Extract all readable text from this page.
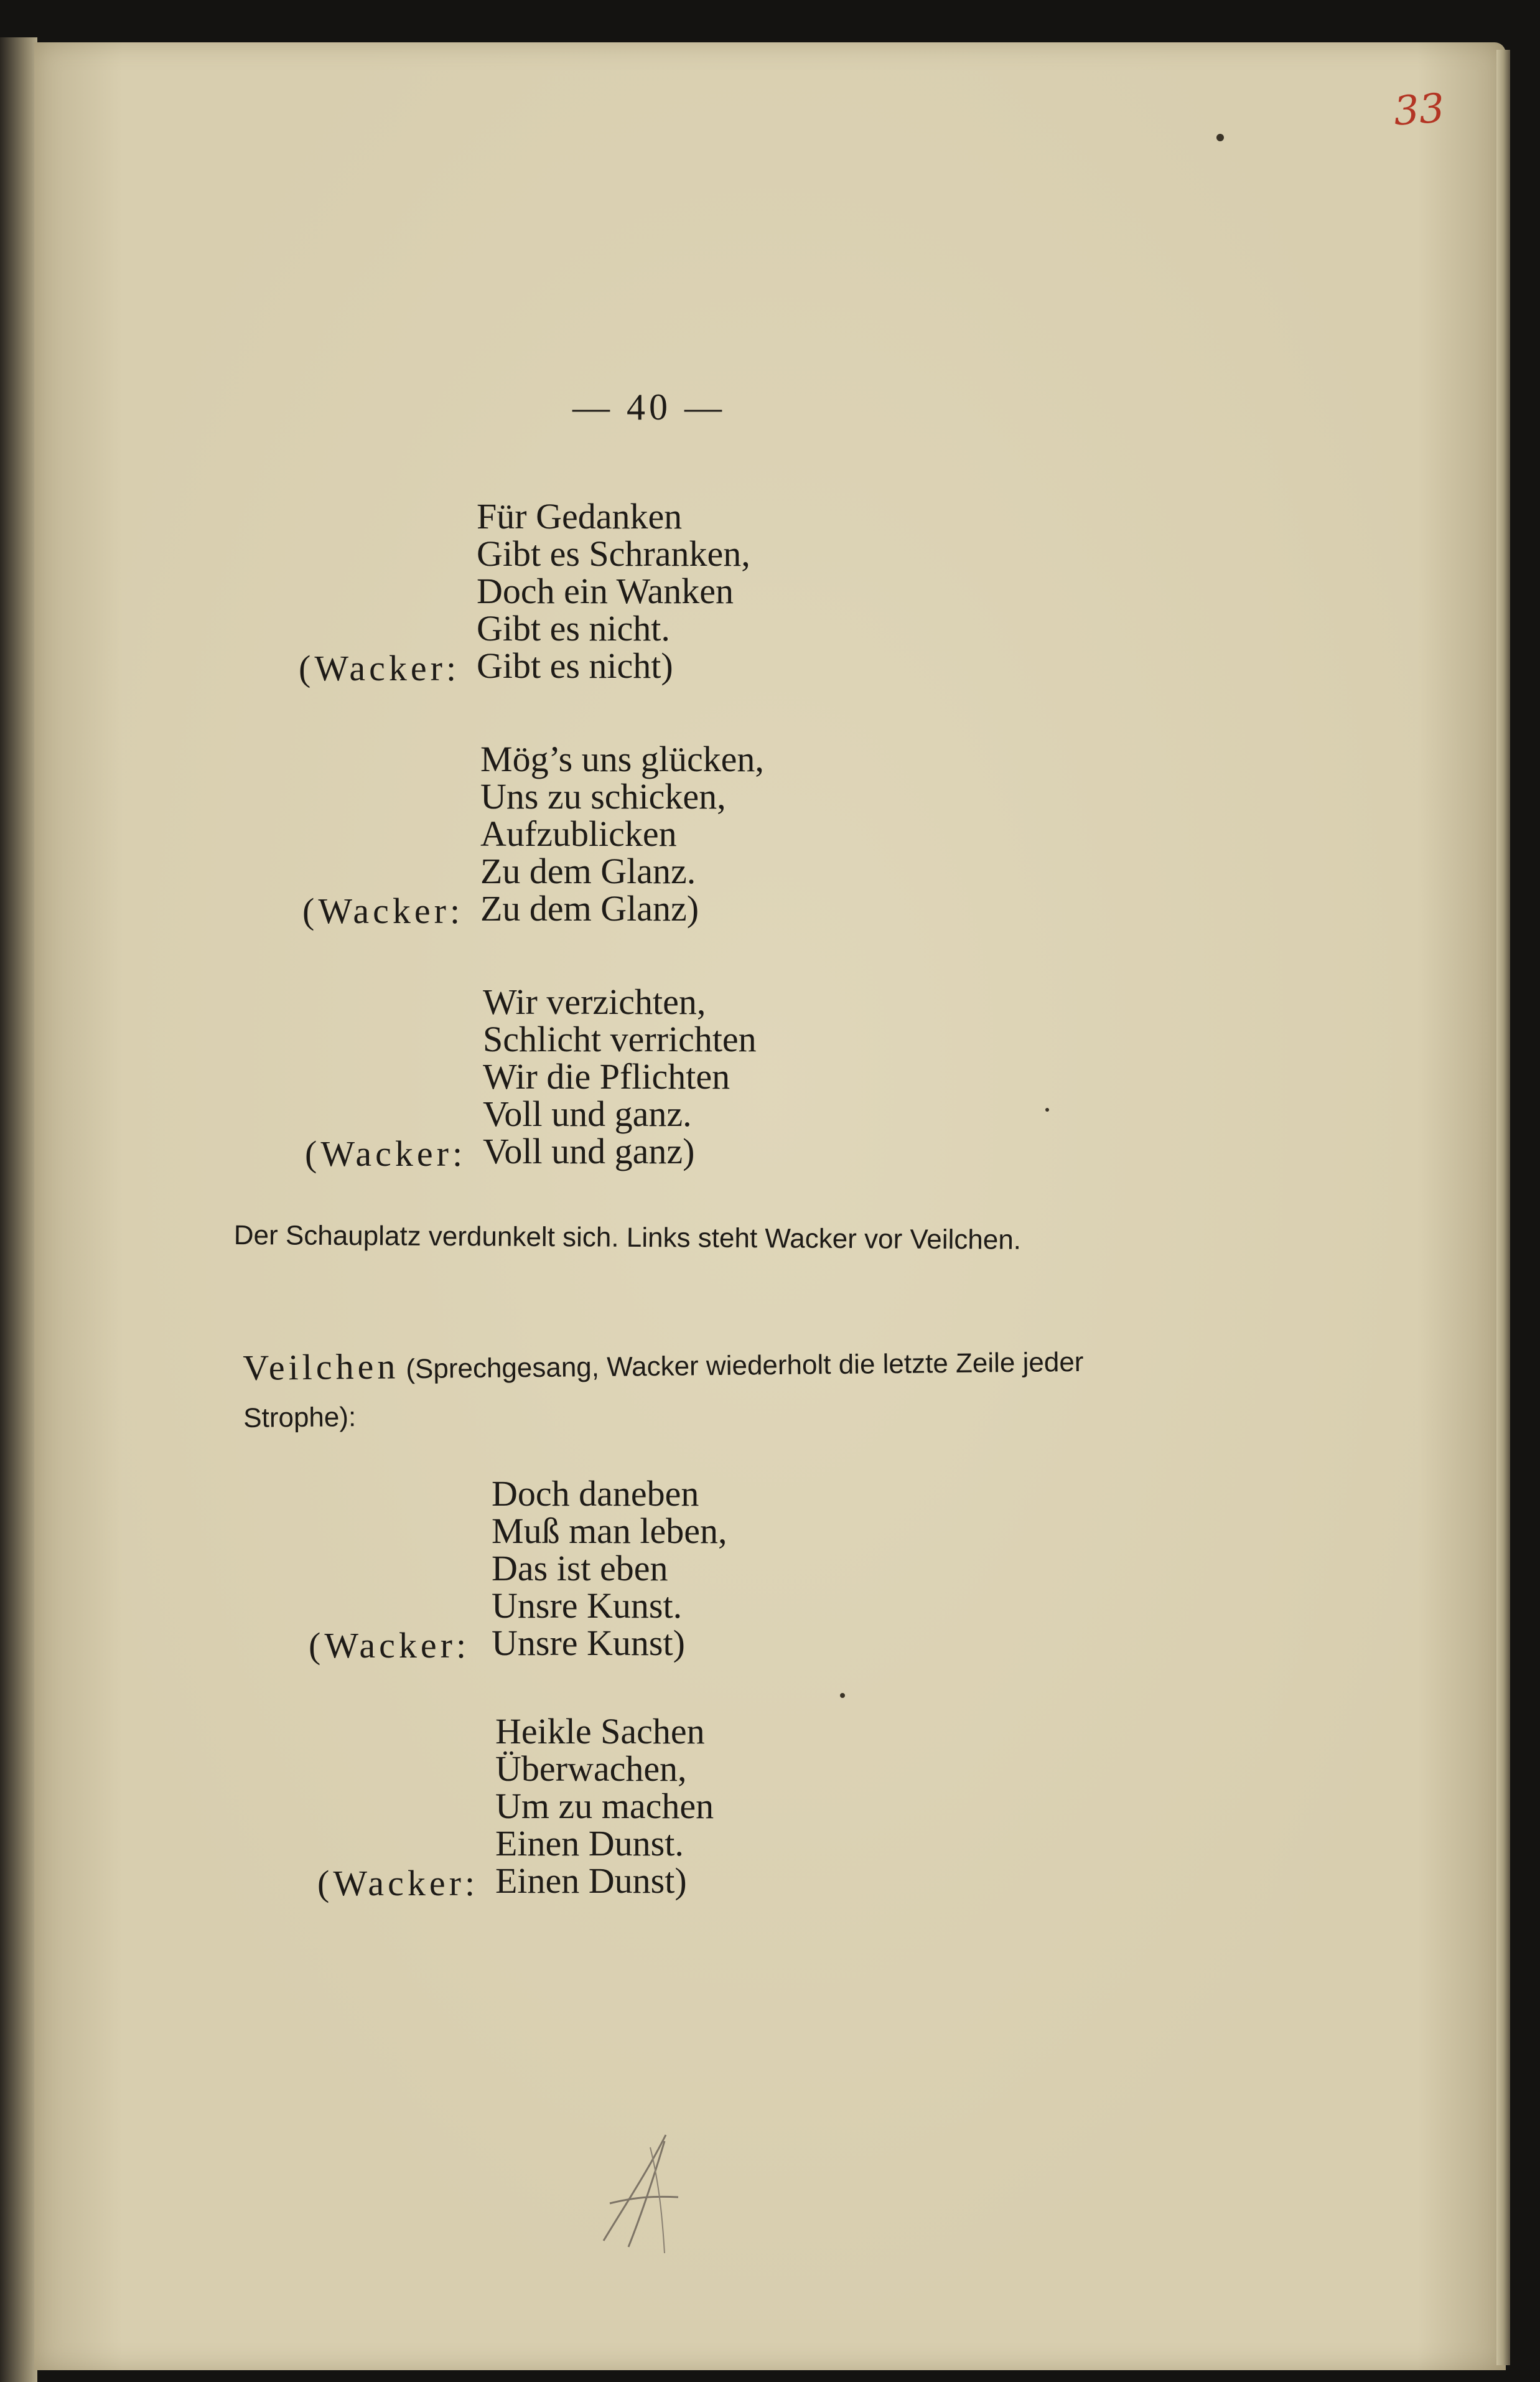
33
— 40 —
Für Gedanken
Gibt es Schranken,
Doch ein Wanken
Gibt es nicht.
Gibt es nicht)
(Wacker:
Mög’s uns glücken,
Uns zu schicken,
Aufzublicken
Zu dem Glanz.
Zu dem Glanz)
(Wacker:
Wir verzichten,
Schlicht verrichten
Wir die Pflichten
Voll und ganz.
Voll und ganz)
(Wacker:
Der Schauplatz verdunkelt sich. Links steht Wacker vor Veilchen.
Veilchen (Sprechgesang, Wacker wiederholt die letzte Zeile jeder Strophe):
Doch daneben
Muß man leben,
Das ist eben
Unsre Kunst.
Unsre Kunst)
(Wacker:
Heikle Sachen
Überwachen,
Um zu machen
Einen Dunst.
Einen Dunst)
(Wacker:
